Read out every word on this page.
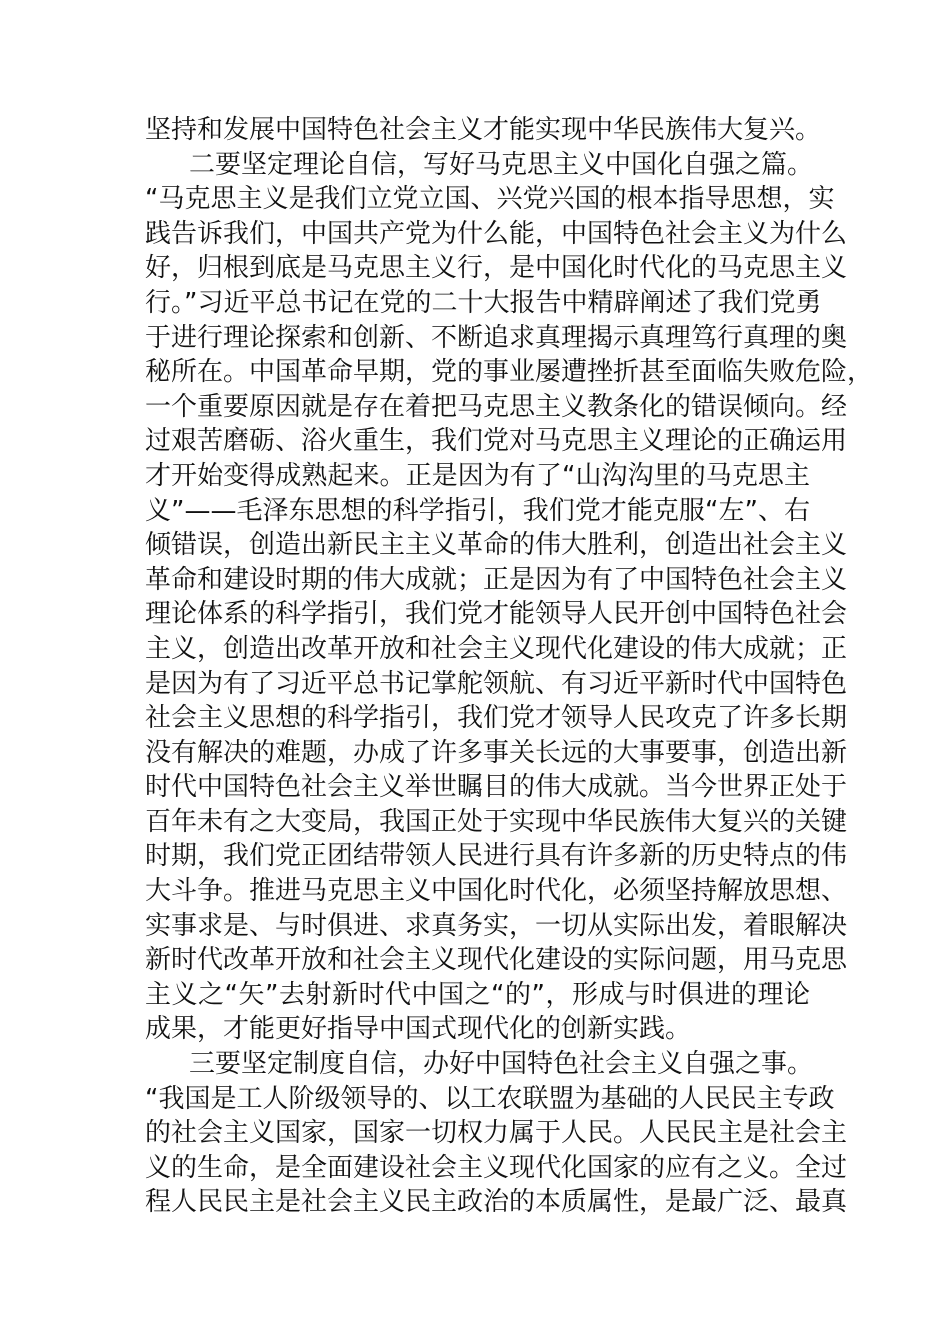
坚持和发展中国特色社会主义才能实现中华民族伟大复兴。
二要坚定理论自信，写好马克思主义中国化自强之篇。
“马克思主义是我们立党立国、兴党兴国的根本指导思想，实
践告诉我们，中国共产党为什么能，中国特色社会主义为什么
好，归根到底是马克思主义行，是中国化时代化的马克思主义
行。”习近平总书记在党的二十大报告中精辟阐述了我们党勇
于进行理论探索和创新、不断追求真理揭示真理笃行真理的奥
秘所在。中国革命早期，党的事业屡遭挫折甚至面临失败危险，
一个重要原因就是存在着把马克思主义教条化的错误倾向。经
过艰苦磨砺、浴火重生，我们党对马克思主义理论的正确运用
才开始变得成熟起来。正是因为有了“山沟沟里的马克思主
义”——毛泽东思想的科学指引，我们党才能克服“左”、右
倾错误，创造出新民主主义革命的伟大胜利，创造出社会主义
革命和建设时期的伟大成就；正是因为有了中国特色社会主义
理论体系的科学指引，我们党才能领导人民开创中国特色社会
主义，创造出改革开放和社会主义现代化建设的伟大成就；正
是因为有了习近平总书记掌舵领航、有习近平新时代中国特色
社会主义思想的科学指引，我们党才领导人民攻克了许多长期
没有解决的难题，办成了许多事关长远的大事要事，创造出新
时代中国特色社会主义举世瞩目的伟大成就。当今世界正处于
百年未有之大变局，我国正处于实现中华民族伟大复兴的关键
时期，我们党正团结带领人民进行具有许多新的历史特点的伟
大斗争。推进马克思主义中国化时代化，必须坚持解放思想、
实事求是、与时俱进、求真务实，一切从实际出发，着眼解决
新时代改革开放和社会主义现代化建设的实际问题，用马克思
主义之“矢”去射新时代中国之“的”，形成与时俱进的理论
成果，才能更好指导中国式现代化的创新实践。
三要坚定制度自信，办好中国特色社会主义自强之事。
“我国是工人阶级领导的、以工农联盟为基础的人民民主专政
的社会主义国家，国家一切权力属于人民。人民民主是社会主
义的生命，是全面建设社会主义现代化国家的应有之义。全过
程人民民主是社会主义民主政治的本质属性，是最广泛、最真
